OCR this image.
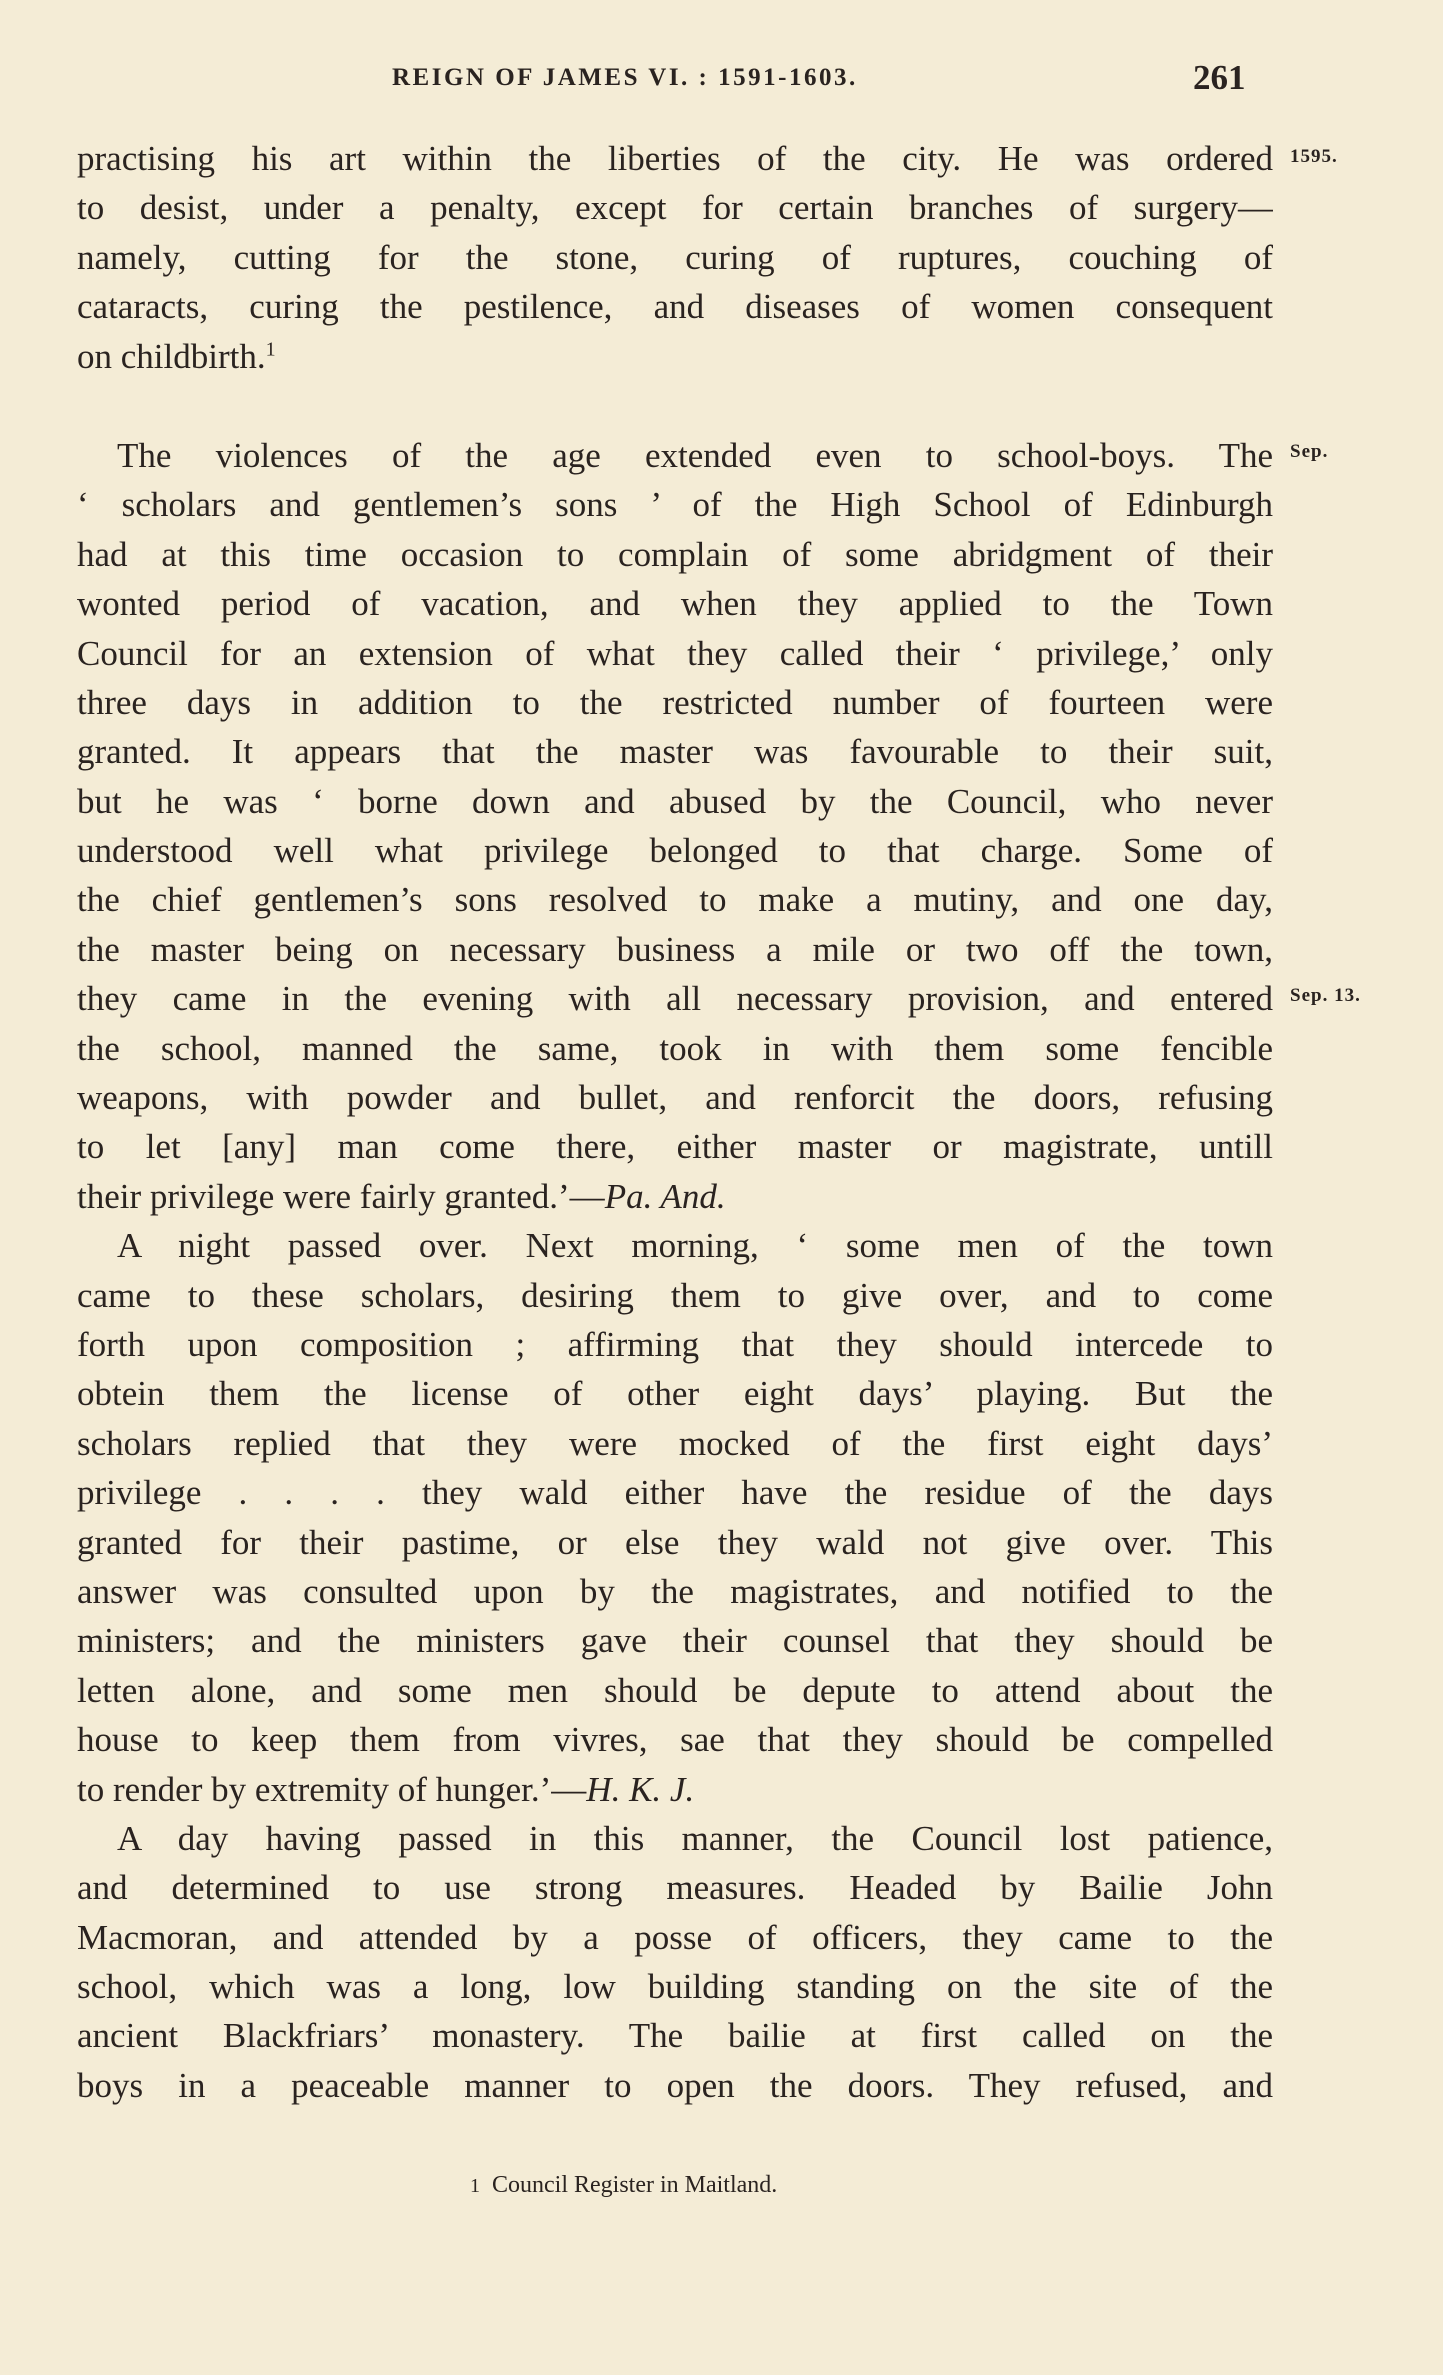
REIGN OF JAMES VI. : 1591-1603.	261
1595.
Sep.
Sep. 13.
practising his art within the liberties of the city. He was ordered
to desist, under a penalty, except for certain branches of surgery—
namely, cutting for the stone, curing of ruptures, couching of
cataracts, curing the pestilence, and diseases of women consequent
on childbirth.$^1$
The violences of the age extended even to school-boys. The
‘ scholars and gentlemen’s sons ’ of the High School of Edinburgh
had at this time occasion to complain of some abridgment of their
wonted period of vacation, and when they applied to the Town
Council for an extension of what they called their ‘ privilege,’ only
three days in addition to the restricted number of fourteen were
granted. It appears that the master was favourable to their suit,
but he was ‘ borne down and abused by the Council, who never
understood well what privilege belonged to that charge. Some of
the chief gentlemen’s sons resolved to make a mutiny, and one day,
the master being on necessary business a mile or two off the town,
they came in the evening with all necessary provision, and entered
the school, manned the same, took in with them some fencible
weapons, with powder and bullet, and renforcit the doors, refusing
to let [any] man come there, either master or magistrate, untill
their privilege were fairly granted.’—Pa. And.
A night passed over. Next morning, ‘ some men of the town
came to these scholars, desiring them to give over, and to come
forth upon composition ; affirming that they should intercede to
obtein them the license of other eight days’ playing. But the
scholars replied that they were mocked of the first eight days’
privilege . . . . they wald either have the residue of the days
granted for their pastime, or else they wald not give over. This
answer was consulted upon by the magistrates, and notified to the
ministers; and the ministers gave their counsel that they should be
letten alone, and some men should be depute to attend about the
house to keep them from vivres, sae that they should be compelled
to render by extremity of hunger.’—H. K. J.
A day having passed in this manner, the Council lost patience,
and determined to use strong measures. Headed by Bailie John
Macmoran, and attended by a posse of officers, they came to the
school, which was a long, low building standing on the site of the
ancient Blackfriars’ monastery. The bailie at first called on the
boys in a peaceable manner to open the doors. They refused, and
1 Council Register in Maitland.
